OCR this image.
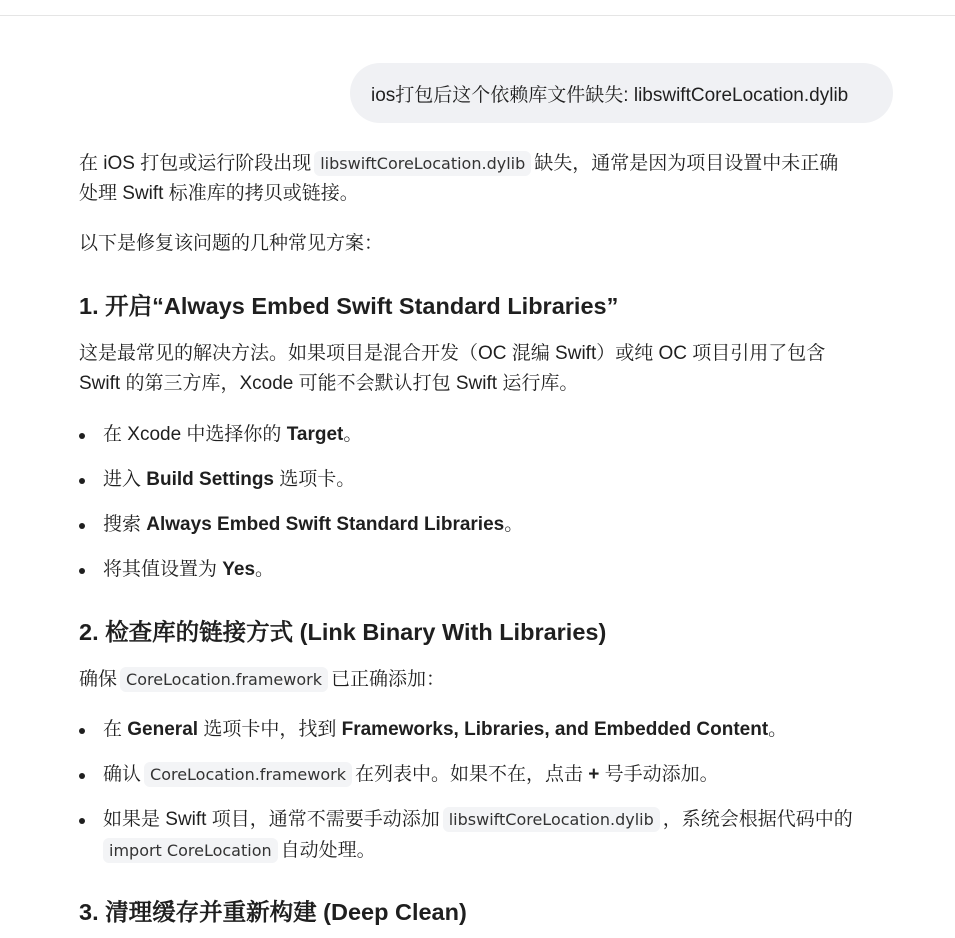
ios打包后这个依赖库文件缺失: libswiftCoreLocation.dylib
在 iOS 打包或运行阶段出现 libswiftCoreLocation.dylib 缺失，通常是因为项目设置中未正确
处理 Swift 标准库的拷贝或链接。
以下是修复该问题的几种常见方案：
1. 开启“Always Embed Swift Standard Libraries”
这是最常见的解决方法。如果项目是混合开发（OC 混编 Swift）或纯 OC 项目引用了包含
Swift 的第三方库，Xcode 可能不会默认打包 Swift 运行库。
在 Xcode 中选择你的 Target。
进入 Build Settings 选项卡。
搜索 Always Embed Swift Standard Libraries。
将其值设置为 Yes。
2. 检查库的链接方式 (Link Binary With Libraries)
确保 CoreLocation.framework 已正确添加：
在 General 选项卡中，找到 Frameworks, Libraries, and Embedded Content。
确认 CoreLocation.framework 在列表中。如果不在，点击 + 号手动添加。
如果是 Swift 项目，通常不需要手动添加 libswiftCoreLocation.dylib ，系统会根据代码中的
import CoreLocation 自动处理。
3. 清理缓存并重新构建 (Deep Clean)
